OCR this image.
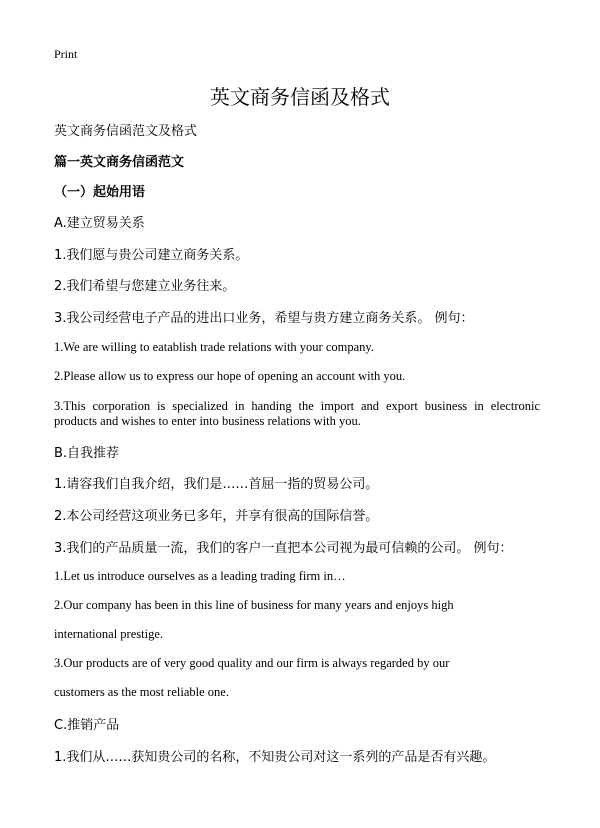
Print
英文商务信函及格式
英文商务信函范文及格式
篇一英文商务信函范文
（一）起始用语
A.建立贸易关系
1.我们愿与贵公司建立商务关系。
2.我们希望与您建立业务往来。
3.我公司经营电子产品的进出口业务，希望与贵方建立商务关系。 例句：
1.We are willing to eatablish trade relations with your company.
2.Please allow us to express our hope of opening an account with you.
3.This corporation is specialized in handing the import and export business in electronic products and wishes to enter into business relations with you.
B.自我推荐
1.请容我们自我介绍，我们是……首屈一指的贸易公司。
2.本公司经营这项业务已多年，并享有很高的国际信誉。
3.我们的产品质量一流，我们的客户一直把本公司视为最可信赖的公司。 例句：
1.Let us introduce ourselves as a leading trading firm in…
2.Our company has been in this line of business for many years and enjoys high
international prestige.
3.Our products are of very good quality and our firm is always regarded by our
customers as the most reliable one.
C.推销产品
1.我们从……获知贵公司的名称，不知贵公司对这一系列的产品是否有兴趣。
